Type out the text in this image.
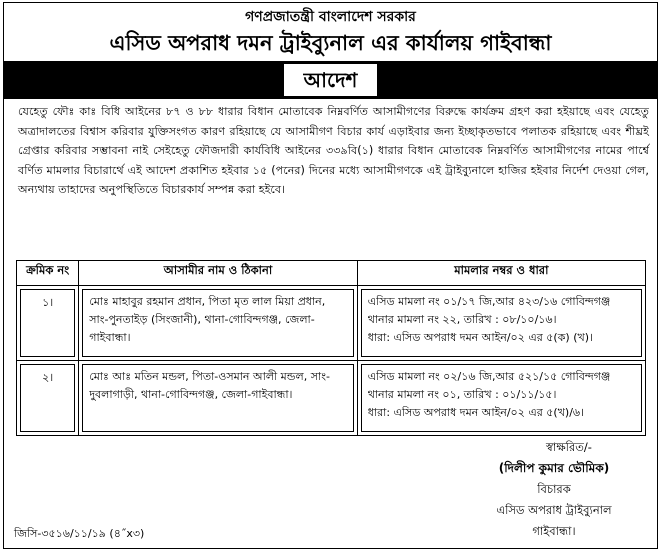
গণপ্রজাতন্ত্রী বাংলাদেশ সরকার
এসিড অপরাধ দমন ট্রাইব্যুনাল এর কার্যালয় গাইবান্ধা
আদেশ
যেহেতু ফৌঃ কাঃ বিধি আইনের ৮৭ ও ৮৮ ধারার বিধান মোতাবেক নিম্নবর্ণিত আসামীগণের বিরুদ্ধে কার্যক্রম গ্রহণ করা হইয়াছে এবং যেহেতু অত্রাদালতের বিশ্বাস করিবার যুক্তিসংগত কারণ রহিয়াছে যে আসামীগণ বিচার কার্য এড়াইবার জন্য ইচ্ছাকৃতভাবে পলাতক রহিয়াছে এবং শীঘ্রই গ্রেপ্তার করিবার সম্ভাবনা নাই সেইহেতু ফৌজদারী কার্যবিধি আইনের ৩৩৯বি(১) ধারার বিধান মোতাবেক নিম্নবর্ণিত আসামীগণের নামের পার্শ্বে বর্ণিত মামলার বিচারার্থে এই আদেশ প্রকাশিত হইবার ১৫ (পনের) দিনের মধ্যে আসামীগণকে এই ট্রাইব্যুনালে হাজির হইবার নির্দেশ দেওয়া গেল, অন্যথায় তাহাদের অনুপস্থিতিতে বিচারকার্য সম্পন্ন করা হইবে।
ক্রমিক নং	আসামীর নাম ও ঠিকানা	মামলার নম্বর ও ধারা

১।	মোঃ মাহাবুর রহমান প্রধান, পিতা মৃত লাল মিয়া প্রধান, সাং-পুনতাইড় (সিংজানী), থানা-গোবিন্দগঞ্জ, জেলা-গাইবান্ধা।	এসিড মামলা নং ০১/১৭ জি,আর ৪২৩/১৬ গোবিন্দগঞ্জ
থানার মামলা নং ২২, তারিখ : ০৮/১০/১৬।
ধারা: এসিড অপরাধ দমন আইন/০২ এর ৫(ক) (খ)।

২।	মোঃ আঃ মতিন মন্ডল, পিতা-ওসমান আলী মন্ডল, সাং-দুবলাগাড়ী, থানা-গোবিন্দগঞ্জ, জেলা-গাইবান্ধা।	এসিড মামলা নং ০২/১৬ জি,আর ৫২১/১৫ গোবিন্দগঞ্জ
থানার মামলা নং ০১, তারিখ : ০১/১১/১৫।
ধারা: এসিড অপরাধ দমন আইন/০২ এর ৫(খ)/৬।
স্বাক্ষরিত/-
(দিলীপ কুমার ভৌমিক)
বিচারক
এসিড অপরাধ ট্রাইব্যুনাল
গাইবান্ধা।
জিসি-৩৫১৬/১১/১৯ (৪˝x৩)
